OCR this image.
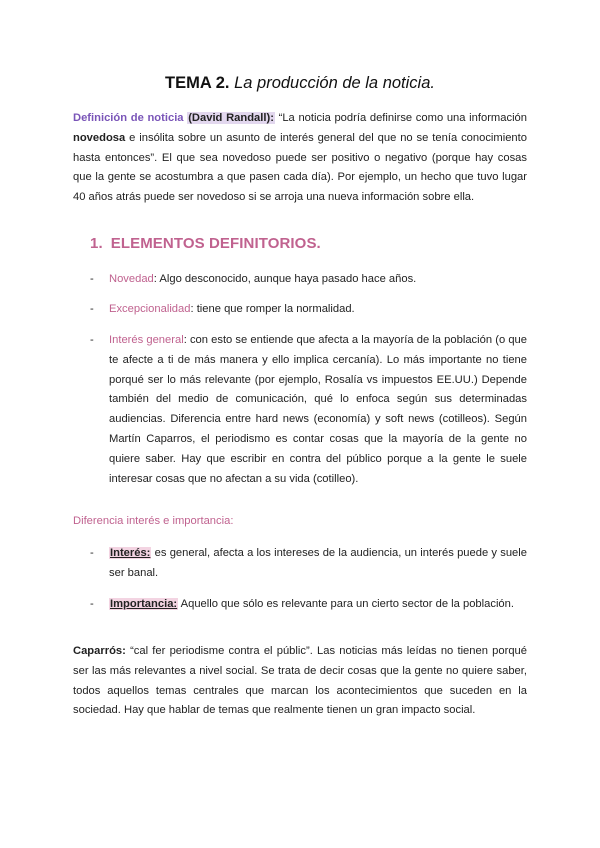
TEMA 2. La producción de la noticia.

Definición de noticia (David Randall): “La noticia podría definirse como una información novedosa e insólita sobre un asunto de interés general del que no se tenía conocimiento hasta entonces”. El que sea novedoso puede ser positivo o negativo (porque hay cosas que la gente se acostumbra a que pasen cada día). Por ejemplo, un hecho que tuvo lugar 40 años atrás puede ser novedoso si se arroja una nueva información sobre ella.

1. ELEMENTOS DEFINITORIOS.

- Novedad: Algo desconocido, aunque haya pasado hace años.

- Excepcionalidad: tiene que romper la normalidad.

- Interés general: con esto se entiende que afecta a la mayoría de la población (o que te afecte a ti de más manera y ello implica cercanía). Lo más importante no tiene porqué ser lo más relevante (por ejemplo, Rosalía vs impuestos EE.UU.) Depende también del medio de comunicación, qué lo enfoca según sus determinadas audiencias. Diferencia entre hard news (economía) y soft news (cotilleos). Según Martín Caparros, el periodismo es contar cosas que la mayoría de la gente no quiere saber. Hay que escribir en contra del público porque a la gente le suele interesar cosas que no afectan a su vida (cotilleo).

Diferencia interés e importancia:

- Interés: es general, afecta a los intereses de la audiencia, un interés puede y suele ser banal.

- Importancia: Aquello que sólo es relevante para un cierto sector de la población.

Caparrós: “cal fer periodisme contra el públic”. Las noticias más leídas no tienen porqué ser las más relevantes a nivel social. Se trata de decir cosas que la gente no quiere saber, todos aquellos temas centrales que marcan los acontecimientos que suceden en la sociedad. Hay que hablar de temas que realmente tienen un gran impacto social.
